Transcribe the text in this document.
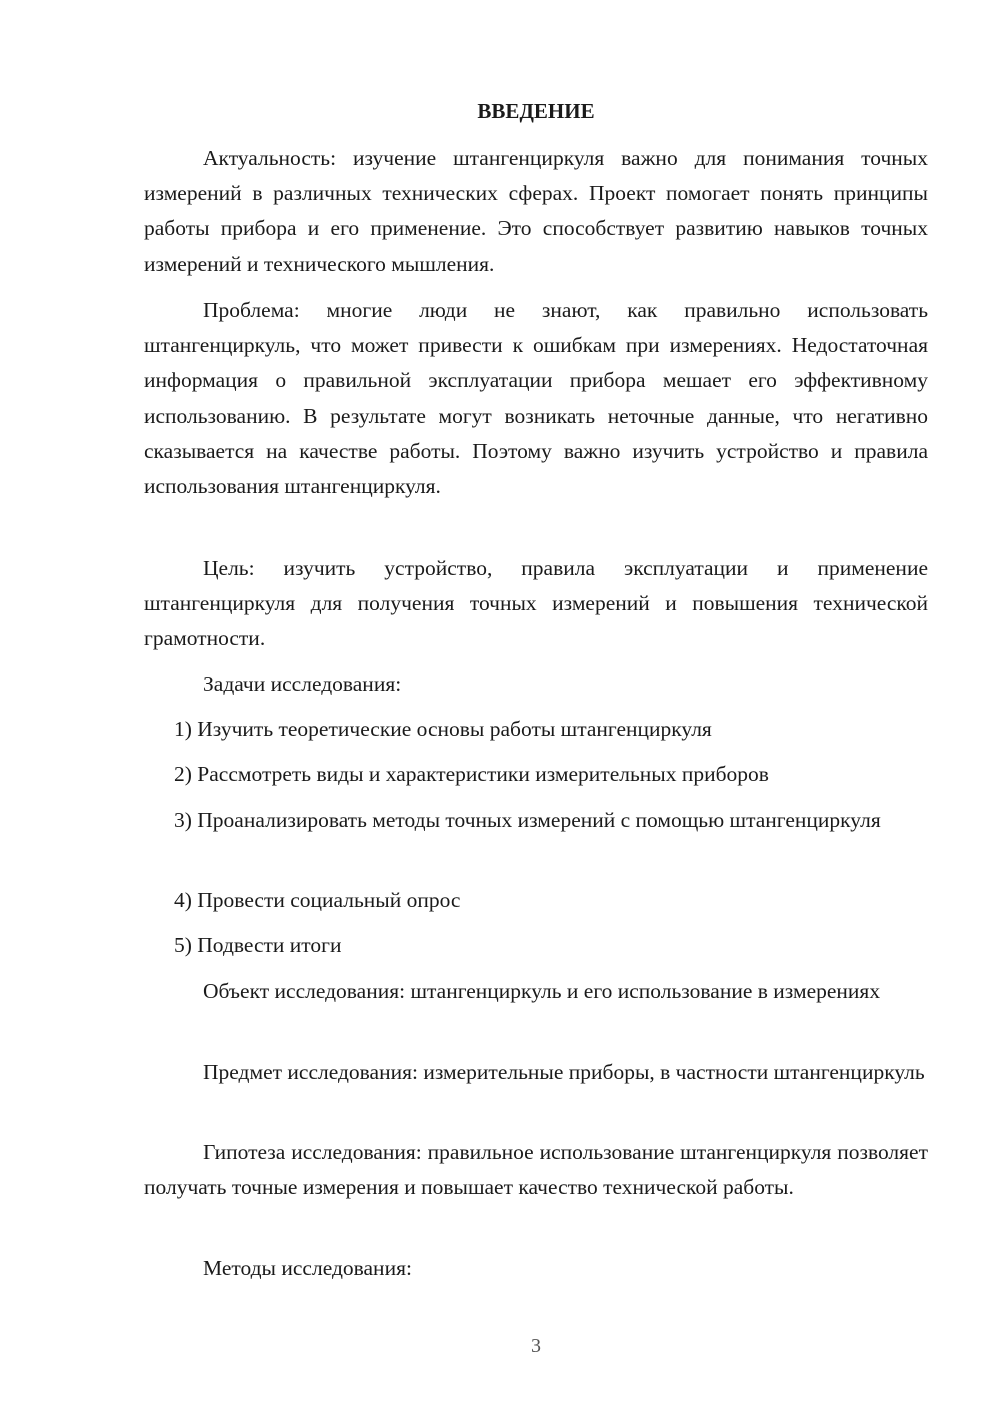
ВВЕДЕНИЕ

Актуальность: изучение штангенциркуля важно для понимания точных измерений в различных технических сферах. Проект помогает понять принципы работы прибора и его применение. Это способствует развитию навыков точных измерений и технического мышления.

Проблема: многие люди не знают, как правильно использовать штангенциркуль, что может привести к ошибкам при измерениях. Недостаточная информация о правильной эксплуатации прибора мешает его эффективному использованию. В результате могут возникать неточные данные, что негативно сказывается на качестве работы. Поэтому важно изучить устройство и правила использования штангенциркуля.

Цель: изучить устройство, правила эксплуатации и применение штангенциркуля для получения точных измерений и повышения технической грамотности.

Задачи исследования:

1) Изучить теоретические основы работы штангенциркуля

2) Рассмотреть виды и характеристики измерительных приборов

3) Проанализировать методы точных измерений с помощью штангенциркуля

4) Провести социальный опрос

5) Подвести итоги

Объект исследования: штангенциркуль и его использование в измерениях

Предмет исследования: измерительные приборы, в частности штангенциркуль

Гипотеза исследования: правильное использование штангенциркуля позволяет получать точные измерения и повышает качество технической работы.

Методы исследования:

3
